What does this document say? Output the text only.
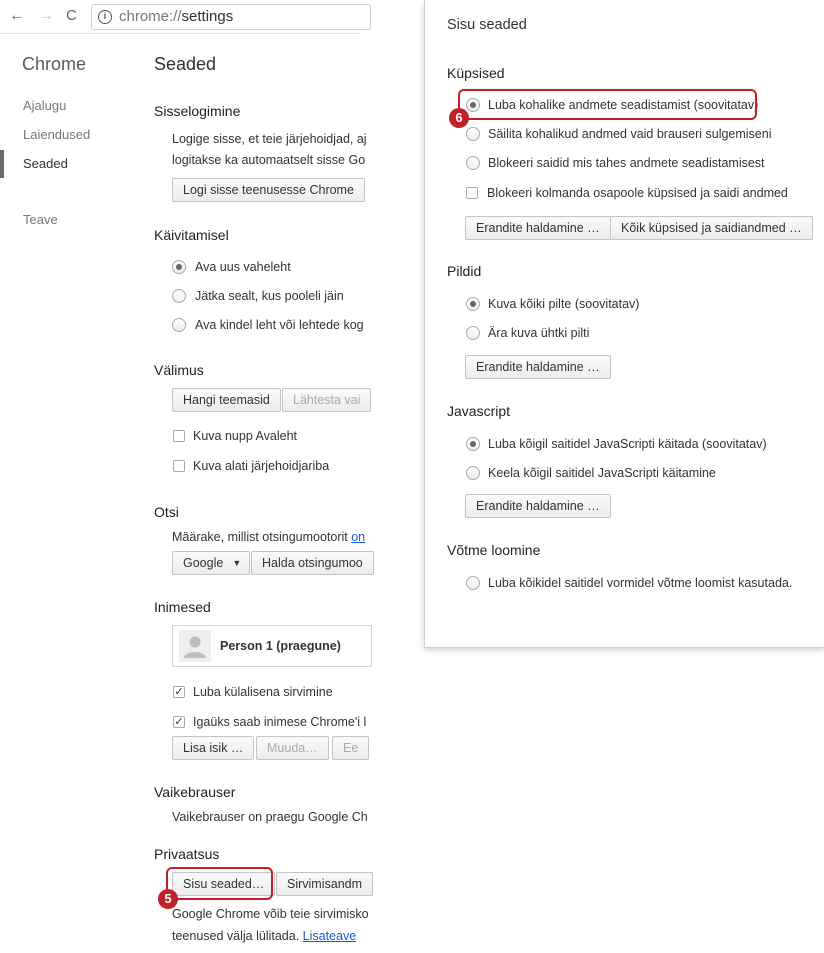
← → C	i chrome://settings
Chrome
Ajalugu
Laiendused
Seaded
Teave
Seaded
Sisselogimine
Logige sisse, et teie järjehoidjad, aj
logitakse ka automaatselt sisse Go
Logi sisse teenusesse Chrome
Käivitamisel
Ava uus vaheleht
Jätka sealt, kus pooleli jäin
Ava kindel leht või lehtede kog
Välimus
Hangi teemasid	Lähtesta vai
Kuva nupp Avaleht
Kuva alati järjehoidjariba
Otsi
Määrake, millist otsingumootorit on
Google ▼	Halda otsingumoo
Inimesed
Person 1 (praegune)
✓ Luba külalisena sirvimine
✓ Igaüks saab inimese Chrome'i l
Lisa isik …	Muuda…	Ee
Vaikebrauser
Vaikebrauser on praegu Google Ch
Privaatsus
Sisu seaded…	Sirvimisandm
Google Chrome võib teie sirvimisko
teenused välja lülitada. Lisateave
5
Sisu seaded
Küpsised
Luba kohalike andmete seadistamist (soovitatav)
Säilita kohalikud andmed vaid brauseri sulgemiseni
Blokeeri saidid mis tahes andmete seadistamisest
Blokeeri kolmanda osapoole küpsised ja saidi andmed
Erandite haldamine …	Kõik küpsised ja saidiandmed …
6
Pildid
Kuva kõiki pilte (soovitatav)
Ära kuva ühtki pilti
Erandite haldamine …
Javascript
Luba kõigil saitidel JavaScripti käitada (soovitatav)
Keela kõigil saitidel JavaScripti käitamine
Erandite haldamine …
Võtme loomine
Luba kõikidel saitidel vormidel võtme loomist kasutada.
